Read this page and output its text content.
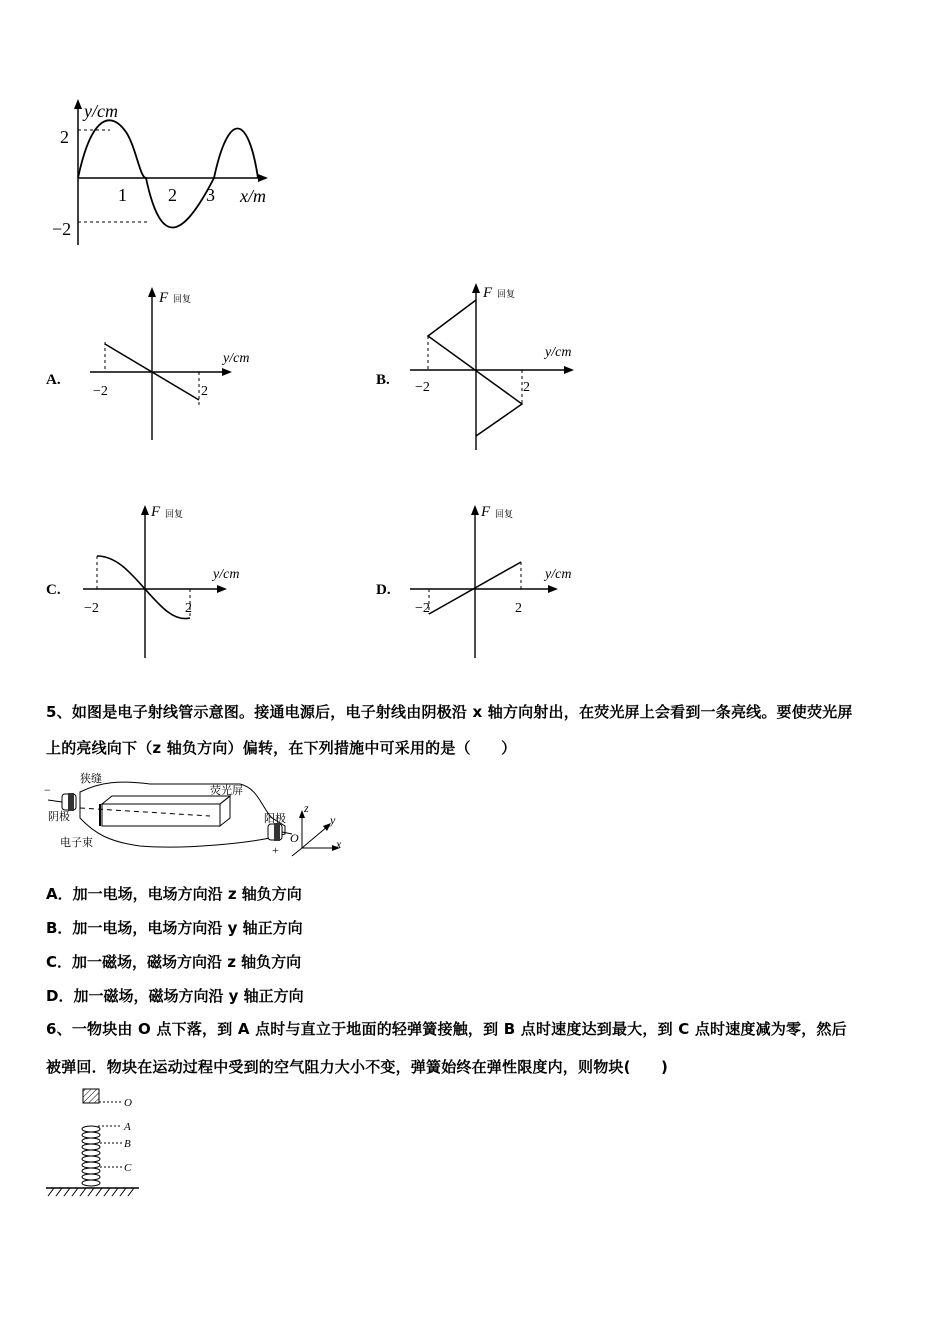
y/cm
x/m
2
−2
1 2 3
A.
F 回复
y/cm
−2	2
B.
F 回复
y/cm
−2	2
C.
F 回复
y/cm
−2	2
D.
F 回复
y/cm
−2	2
5、如图是电子射线管示意图。接通电源后，电子射线由阴极沿 x 轴方向射出，在荧光屏上会看到一条亮线。要使荧光屏
上的亮线向下（z 轴负方向）偏转，在下列措施中可采用的是（　　）
狭缝
荧光屏
阴极	阳极
电子束
−
+
z
y
x
O
A．加一电场，电场方向沿 z 轴负方向
B．加一电场，电场方向沿 y 轴正方向
C．加一磁场，磁场方向沿 z 轴负方向
D．加一磁场，磁场方向沿 y 轴正方向
6、一物块由 O 点下落，到 A 点时与直立于地面的轻弹簧接触，到 B 点时速度达到最大，到 C 点时速度减为零，然后
被弹回．物块在运动过程中受到的空气阻力大小不变，弹簧始终在弹性限度内，则物块(　　)
O
A
B
C
